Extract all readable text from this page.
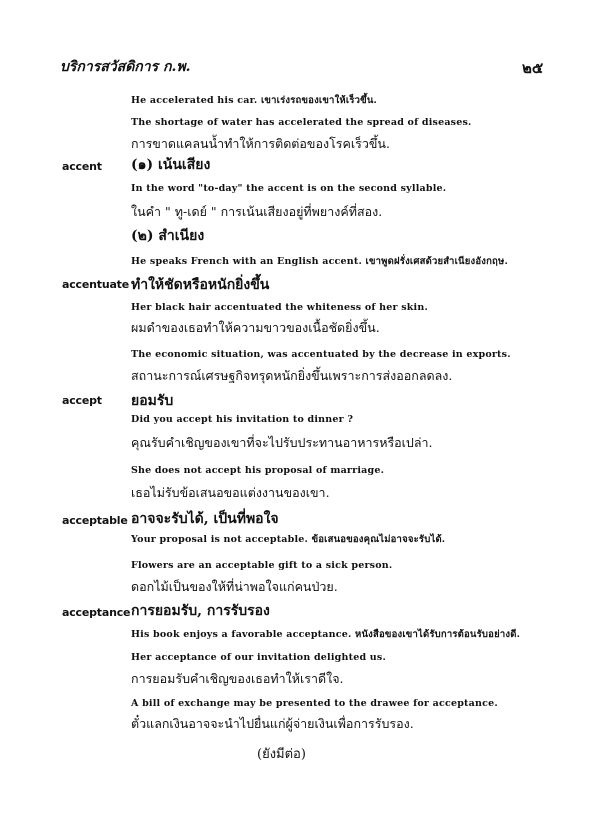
บริการสวัสดิการ ก.พ.	๒๕
He accelerated his car. เขาเร่งรถของเขาให้เร็วขึ้น.
The shortage of water has accelerated the spread of diseases.
การขาดแคลนน้ำทำให้การติดต่อของโรคเร็วขึ้น.
accent (๑) เน้นเสียง
In the word "to-day" the accent is on the second syllable.
ในคำ " ทู-เดย์ " การเน้นเสียงอยู่ที่พยางค์ที่สอง.
(๒) สำเนียง
He speaks French with an English accent. เขาพูดฝรั่งเศสด้วยสำเนียงอังกฤษ.
accentuate ทำให้ชัดหรือหนักยิ่งขึ้น
Her black hair accentuated the whiteness of her skin.
ผมดำของเธอทำให้ความขาวของเนื้อชัดยิ่งขึ้น.
The economic situation, was accentuated by the decrease in exports.
สถานะการณ์เศรษฐกิจทรุดหนักยิ่งขึ้นเพราะการส่งออกลดลง.
accept ยอมรับ
Did you accept his invitation to dinner ?
คุณรับคำเชิญของเขาที่จะไปรับประทานอาหารหรือเปล่า.
She does not accept his proposal of marriage.
เธอไม่รับข้อเสนอขอแต่งงานของเขา.
acceptable อาจจะรับได้, เป็นที่พอใจ
Your proposal is not acceptable. ข้อเสนอของคุณไม่อาจจะรับได้.
Flowers are an acceptable gift to a sick person.
ดอกไม้เป็นของให้ที่น่าพอใจแก่คนป่วย.
acceptance การยอมรับ, การรับรอง
His book enjoys a favorable acceptance. หนังสือของเขาได้รับการต้อนรับอย่างดี.
Her acceptance of our invitation delighted us.
การยอมรับคำเชิญของเธอทำให้เราดีใจ.
A bill of exchange may be presented to the drawee for acceptance.
ตั๋วแลกเงินอาจจะนำไปยื่นแก่ผู้จ่ายเงินเพื่อการรับรอง.
(ยังมีต่อ)
